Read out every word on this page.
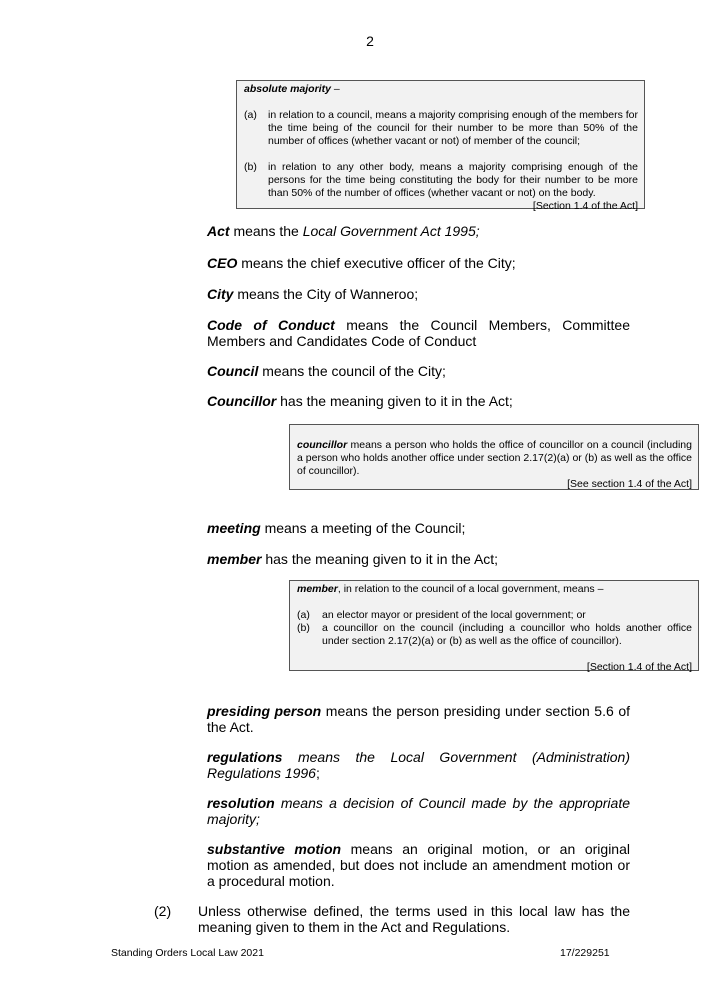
2
absolute majority –
(a)	in relation to a council, means a majority comprising enough of the members for the time being of the council for their number to be more than 50% of the number of offices (whether vacant or not) of member of the council;
(b)	in relation to any other body, means a majority comprising enough of the persons for the time being constituting the body for their number to be more than 50% of the number of offices (whether vacant or not) on the body.
[Section 1.4 of the Act]

Act means the Local Government Act 1995;

CEO means the chief executive officer of the City;

City means the City of Wanneroo;

Code of Conduct means the Council Members, Committee Members and Candidates Code of Conduct

Council means the council of the City;

Councillor has the meaning given to it in the Act;

councillor means a person who holds the office of councillor on a council (including a person who holds another office under section 2.17(2)(a) or (b) as well as the office of councillor).
[See section 1.4 of the Act]

meeting means a meeting of the Council;

member has the meaning given to it in the Act;

member, in relation to the council of a local government, means –
(a)	an elector mayor or president of the local government; or
(b)	a councillor on the council (including a councillor who holds another office under section 2.17(2)(a) or (b) as well as the office of councillor).
[Section 1.4 of the Act]

presiding person means the person presiding under section 5.6 of the Act.

regulations means the Local Government (Administration) Regulations 1996;

resolution means a decision of Council made by the appropriate majority;

substantive motion means an original motion, or an original motion as amended, but does not include an amendment motion or a procedural motion.

(2)	Unless otherwise defined, the terms used in this local law has the meaning given to them in the Act and Regulations.
Standing Orders Local Law 2021	17/229251
